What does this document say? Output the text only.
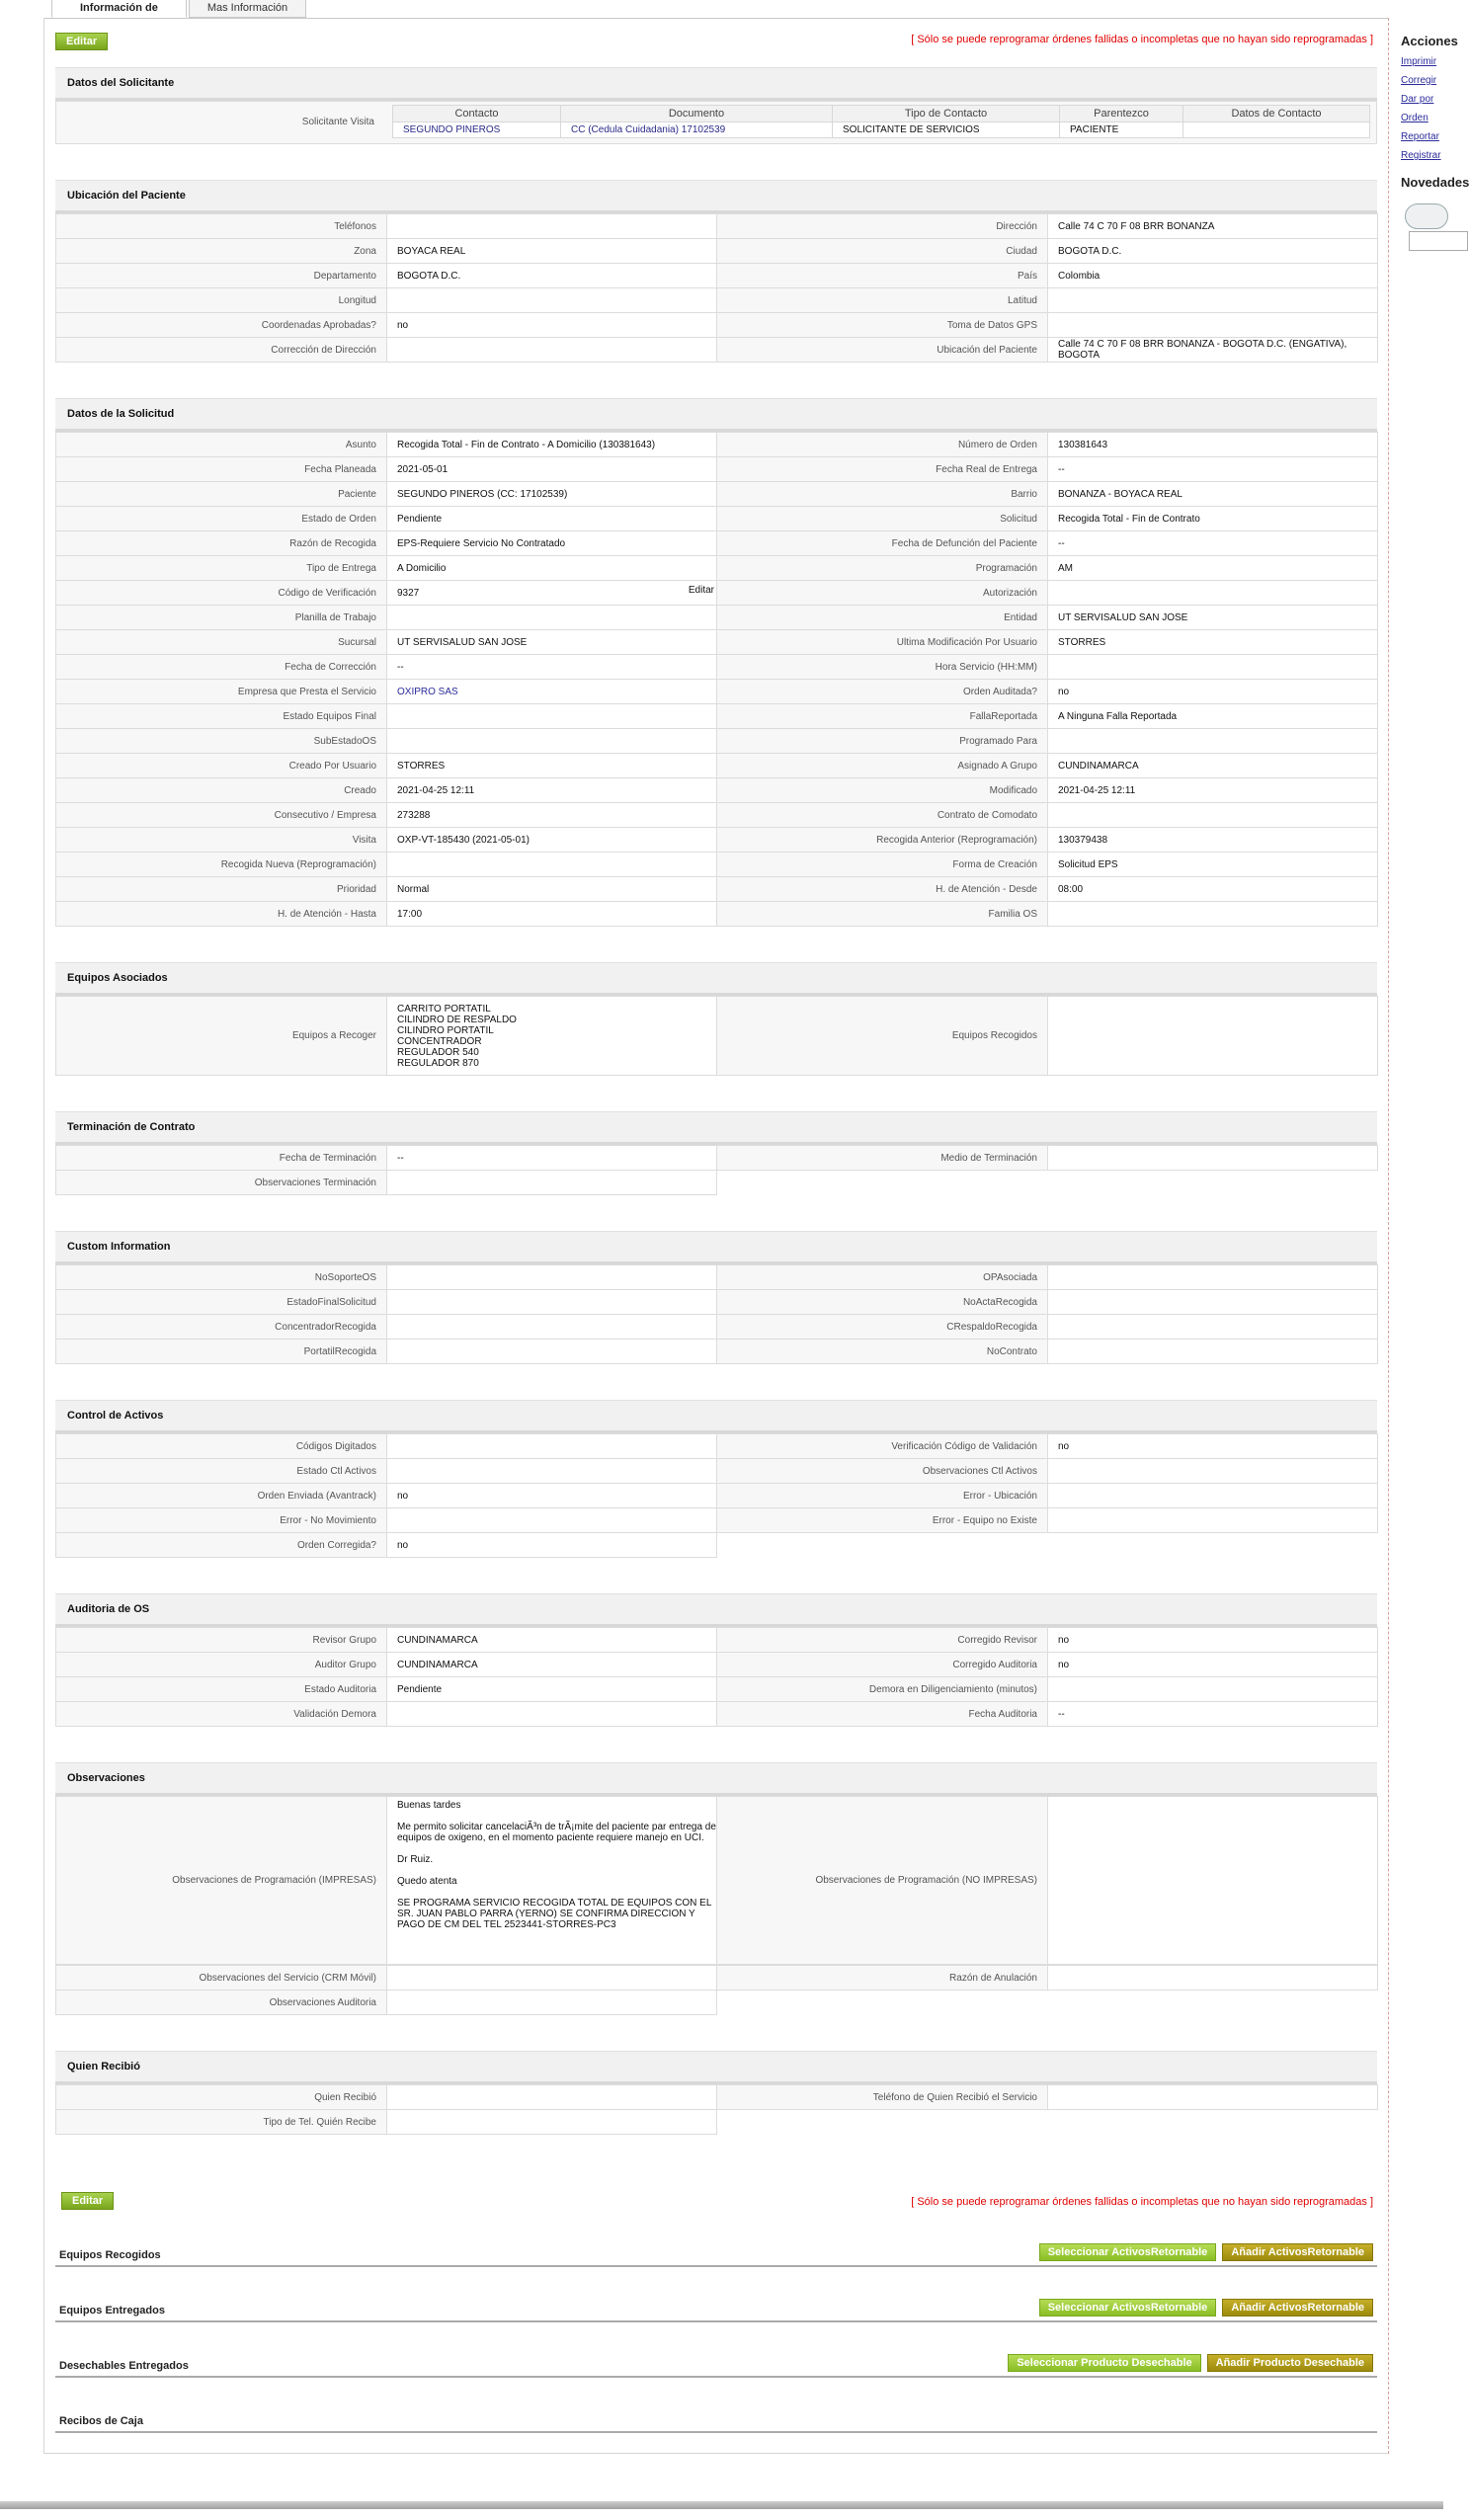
Información de	Mas Información
Editar	[ Sólo se puede reprogramar órdenes fallidas o incompletas que no hayan sido reprogramadas ]
Datos del Solicitante
Solicitante Visita
Contacto	Documento	Tipo de Contacto	Parentezco	Datos de Contacto
SEGUNDO PINEROS	CC (Cedula Cuidadania) 17102539	SOLICITANTE DE SERVICIOS	PACIENTE	
Ubicación del Paciente
Teléfonos		Dirección	Calle 74 C 70 F 08 BRR BONANZA
Zona	BOYACA REAL	Ciudad	BOGOTA D.C.
Departamento	BOGOTA D.C.	País	Colombia
Longitud		Latitud	
Coordenadas Aprobadas?	no	Toma de Datos GPS	
Corrección de Dirección		Ubicación del Paciente	Calle 74 C 70 F 08 BRR BONANZA - BOGOTA D.C. (ENGATIVA), BOGOTA
Datos de la Solicitud
Asunto	Recogida Total - Fin de Contrato - A Domicilio (130381643)	Número de Orden	130381643
Fecha Planeada	2021-05-01	Fecha Real de Entrega	--
Paciente	SEGUNDO PINEROS (CC: 17102539)	Barrio	BONANZA - BOYACA REAL
Estado de Orden	Pendiente	Solicitud	Recogida Total - Fin de Contrato
Razón de Recogida	EPS-Requiere Servicio No Contratado	Fecha de Defunción del Paciente	--
Tipo de Entrega	A Domicilio	Programación	AM
Código de Verificación	9327 Editar	Autorización	
Planilla de Trabajo		Entidad	UT SERVISALUD SAN JOSE
Sucursal	UT SERVISALUD SAN JOSE	Ultima Modificación Por Usuario	STORRES
Fecha de Corrección	--	Hora Servicio (HH:MM)	
Empresa que Presta el Servicio	OXIPRO SAS	Orden Auditada?	no
Estado Equipos Final		FallaReportada	A Ninguna Falla Reportada
SubEstadoOS		Programado Para	
Creado Por Usuario	STORRES	Asignado A Grupo	CUNDINAMARCA
Creado	2021-04-25 12:11	Modificado	2021-04-25 12:11
Consecutivo / Empresa	273288	Contrato de Comodato	
Visita	OXP-VT-185430 (2021-05-01)	Recogida Anterior (Reprogramación)	130379438
Recogida Nueva (Reprogramación)		Forma de Creación	Solicitud EPS
Prioridad	Normal	H. de Atención - Desde	08:00
H. de Atención - Hasta	17:00	Familia OS	
Equipos Asociados
Equipos a Recoger	
CARRITO PORTATIL
CILINDRO DE RESPALDO
CILINDRO PORTATIL
CONCENTRADOR
REGULADOR 540
REGULADOR 870
	Equipos Recogidos	
Terminación de Contrato
Fecha de Terminación	--	Medio de Terminación	
Observaciones Terminación			
Custom Information
NoSoporteOS		OPAsociada	
EstadoFinalSolicitud		NoActaRecogida	
ConcentradorRecogida		CRespaldoRecogida	
PortatilRecogida		NoContrato	
Control de Activos
Códigos Digitados		Verificación Código de Validación	no
Estado Ctl Activos		Observaciones Ctl Activos	
Orden Enviada (Avantrack)	no	Error - Ubicación	
Error - No Movimiento		Error - Equipo no Existe	
Orden Corregida?	no		
Auditoria de OS
Revisor Grupo	CUNDINAMARCA	Corregido Revisor	no
Auditor Grupo	CUNDINAMARCA	Corregido Auditoria	no
Estado Auditoria	Pendiente	Demora en Diligenciamiento (minutos)	
Validación Demora		Fecha Auditoria	--
Observaciones
Observaciones de Programación (IMPRESAS)	Buenas tardes

Me permito solicitar cancelaciÃ³n de trÃ¡mite del paciente par entrega de equipos de oxigeno, en el momento paciente requiere manejo en UCI.

Dr Ruiz.

Quedo atenta

SE PROGRAMA SERVICIO RECOGIDA TOTAL DE EQUIPOS CON EL SR. JUAN PABLO PARRA (YERNO) SE CONFIRMA DIRECCION Y PAGO DE CM DEL TEL 2523441-STORRES-PC3	Observaciones de Programación (NO IMPRESAS)	
Observaciones del Servicio (CRM Móvil)		Razón de Anulación	
Observaciones Auditoria			
Quien Recibió
Quien Recibió		Teléfono de Quien Recibió el Servicio	
Tipo de Tel. Quién Recibe			
Editar	[ Sólo se puede reprogramar órdenes fallidas o incompletas que no hayan sido reprogramadas ]
Equipos Recogidos	Seleccionar ActivosRetornable	Añadir ActivosRetornable
Equipos Entregados	Seleccionar ActivosRetornable	Añadir ActivosRetornable
Desechables Entregados	Seleccionar Producto Desechable	Añadir Producto Desechable
Recibos de Caja
Acciones
Imprimir
Corregir
Dar por
Orden
Reportar
Registrar
Novedades
